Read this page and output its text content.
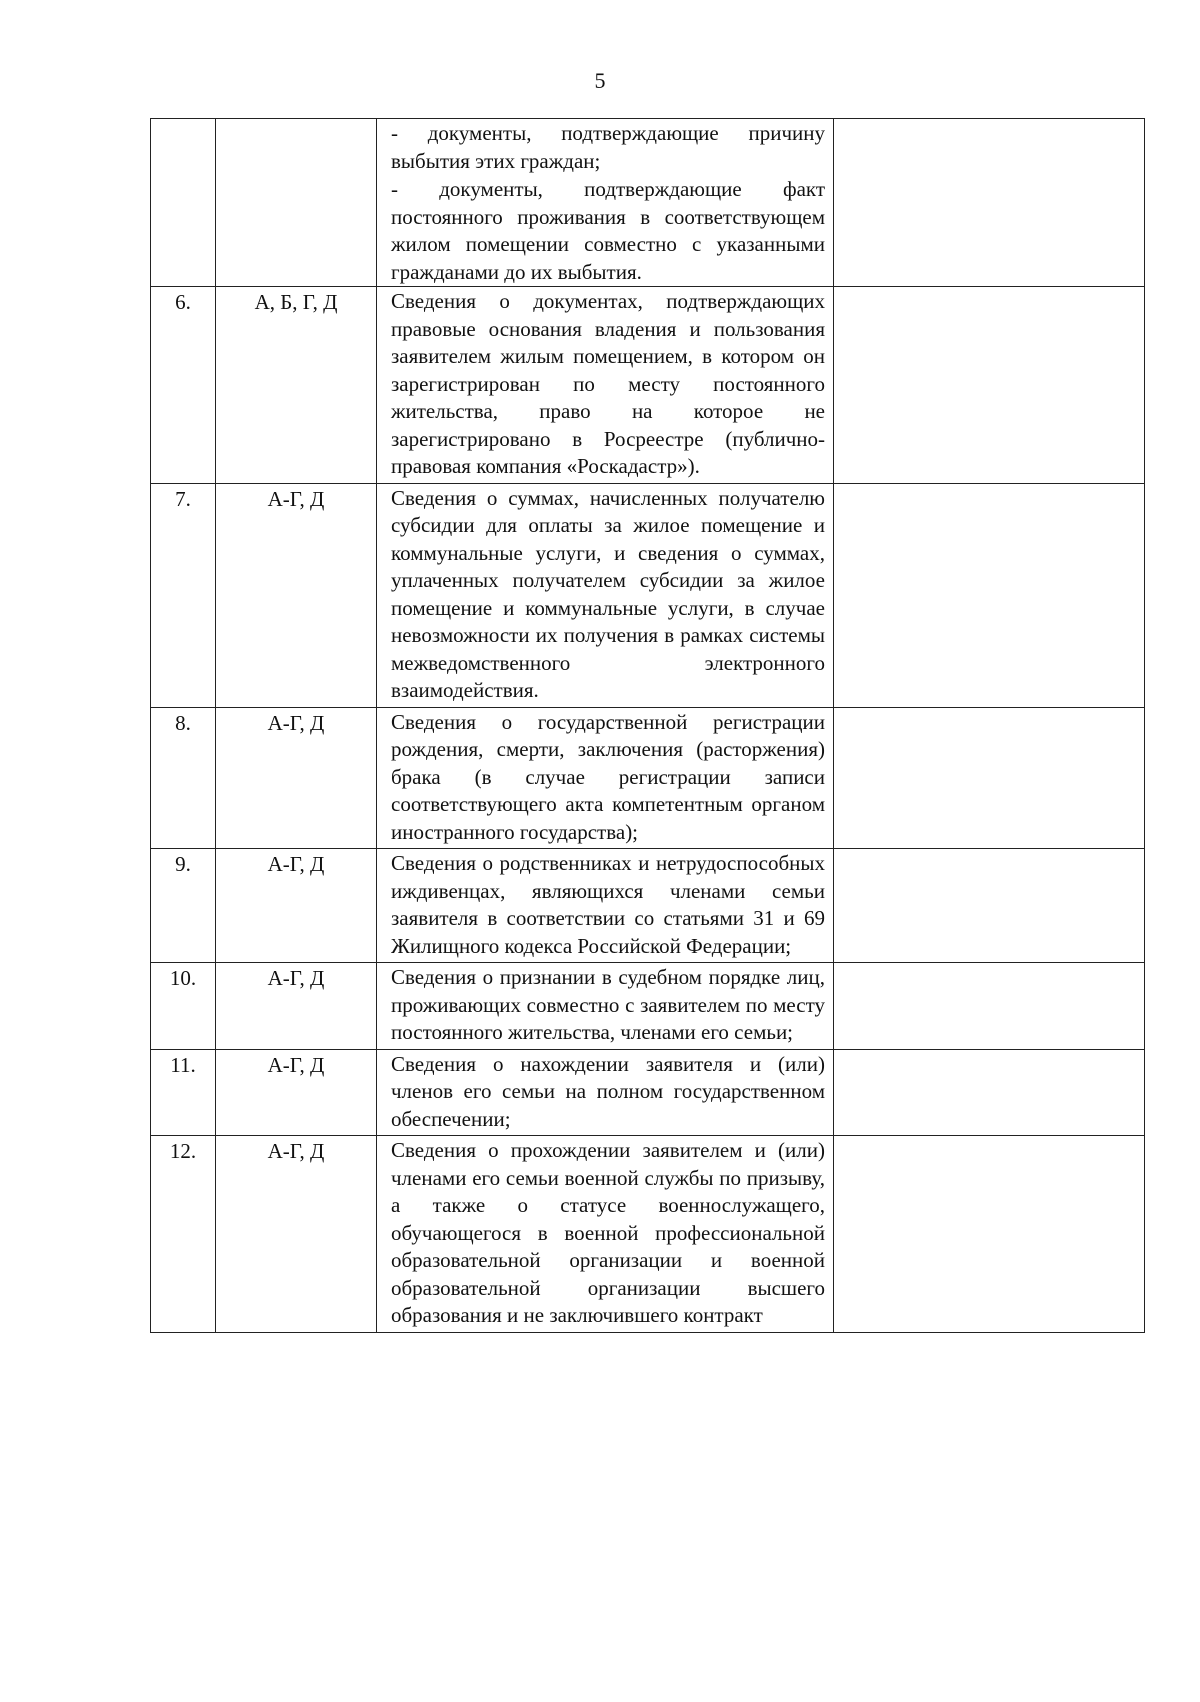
5

		- документы, подтверждающие причину выбытия этих граждан;
- документы, подтверждающие факт постоянного проживания в соответствующем жилом помещении совместно с указанными гражданами до их выбытия.	

6.	А, Б, Г, Д	Сведения о документах, подтверждающих правовые основания владения и пользования заявителем жилым помещением, в котором он зарегистрирован по месту постоянного жительства, право на которое не зарегистрировано в Росреестре (публично-правовая компания «Роскадастр»).	

7.	А-Г, Д	Сведения о суммах, начисленных получателю субсидии для оплаты за жилое помещение и коммунальные услуги, и сведения о суммах, уплаченных получателем субсидии за жилое помещение и коммунальные услуги, в случае невозможности их получения в рамках системы межведомственного электронного взаимодействия.	

8.	А-Г, Д	Сведения о государственной регистрации рождения, смерти, заключения (расторжения) брака (в случае регистрации записи соответствующего акта компетентным органом иностранного государства);	

9.	А-Г, Д	Сведения о родственниках и нетрудоспособных иждивенцах, являющихся членами семьи заявителя в соответствии со статьями 31 и 69 Жилищного кодекса Российской Федерации;	

10.	А-Г, Д	Сведения о признании в судебном порядке лиц, проживающих совместно с заявителем по месту постоянного жительства, членами его семьи;	

11.	А-Г, Д	Сведения о нахождении заявителя и (или) членов его семьи на полном государственном обеспечении;	

12.	А-Г, Д	Сведения о прохождении заявителем и (или) членами его семьи военной службы по призыву, а также о статусе военнослужащего, обучающегося в военной профессиональной образовательной организации и военной образовательной организации высшего образования и не заключившего контракт	
